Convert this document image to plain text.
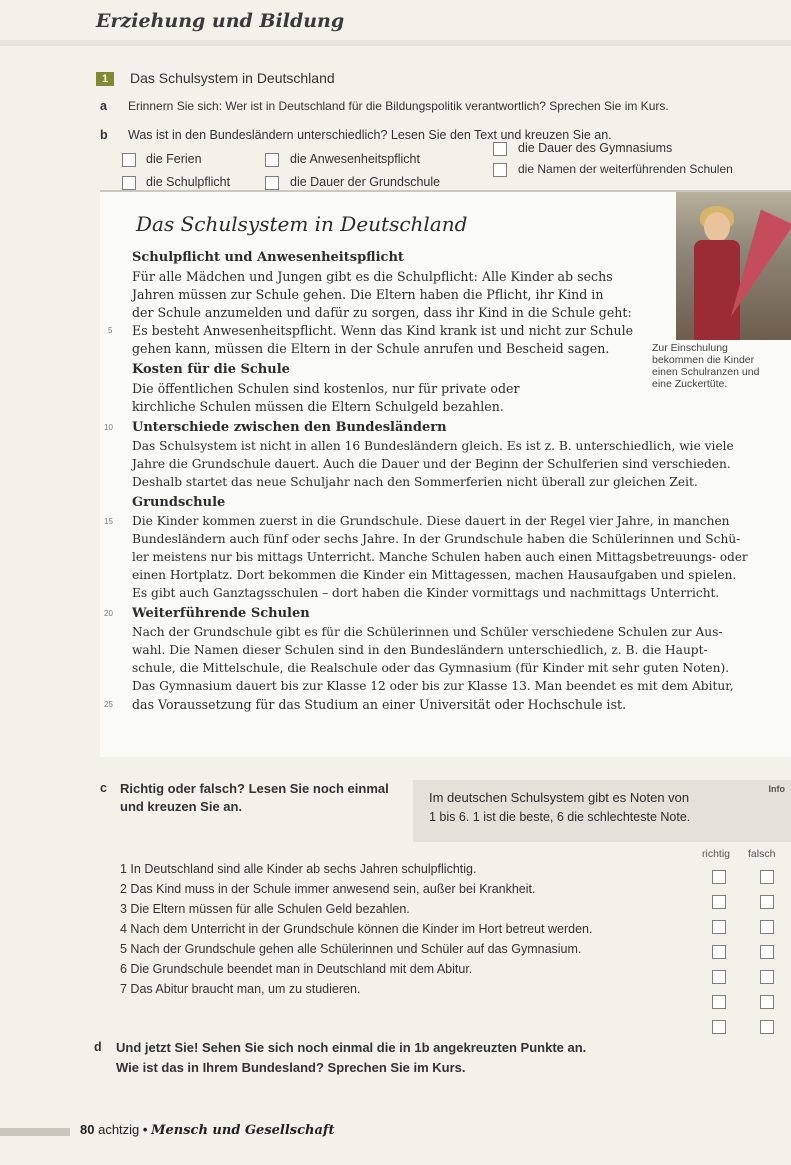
Erziehung und Bildung
1	Das Schulsystem in Deutschland
a Erinnern Sie sich: Wer ist in Deutschland für die Bildungspolitik verantwortlich? Sprechen Sie im Kurs.
b Was ist in den Bundesländern unterschiedlich? Lesen Sie den Text und kreuzen Sie an.
die Ferien	die Anwesenheitspflicht
die Dauer des Gymnasiums
die Schulpflicht	die Dauer der Grundschule
die Namen der weiterführenden Schulen
Das Schulsystem in Deutschland
Zur Einschulung
bekommen die Kinder
einen Schulranzen und
eine Zuckertüte.
Schulpflicht und Anwesenheitspflicht
Für alle Mädchen und Jungen gibt es die Schulpflicht: Alle Kinder ab sechs
Jahren müssen zur Schule gehen. Die Eltern haben die Pflicht, ihr Kind in
der Schule anzumelden und dafür zu sorgen, dass ihr Kind in die Schule geht:
5 Es besteht Anwesenheitspflicht. Wenn das Kind krank ist und nicht zur Schule
gehen kann, müssen die Eltern in der Schule anrufen und Bescheid sagen.
Kosten für die Schule
Die öffentlichen Schulen sind kostenlos, nur für private oder
kirchliche Schulen müssen die Eltern Schulgeld bezahlen.
10 Unterschiede zwischen den Bundesländern
Das Schulsystem ist nicht in allen 16 Bundesländern gleich. Es ist z. B. unterschiedlich, wie viele
Jahre die Grundschule dauert. Auch die Dauer und der Beginn der Schulferien sind verschieden.
Deshalb startet das neue Schuljahr nach den Sommerferien nicht überall zur gleichen Zeit.
Grundschule
15 Die Kinder kommen zuerst in die Grundschule. Diese dauert in der Regel vier Jahre, in manchen
Bundesländern auch fünf oder sechs Jahre. In der Grundschule haben die Schülerinnen und Schü-
ler meistens nur bis mittags Unterricht. Manche Schulen haben auch einen Mittagsbetreuungs- oder
einen Hortplatz. Dort bekommen die Kinder ein Mittagessen, machen Hausaufgaben und spielen.
Es gibt auch Ganztagsschulen – dort haben die Kinder vormittags und nachmittags Unterricht.
20 Weiterführende Schulen
Nach der Grundschule gibt es für die Schülerinnen und Schüler verschiedene Schulen zur Aus-
wahl. Die Namen dieser Schulen sind in den Bundesländern unterschiedlich, z. B. die Haupt-
schule, die Mittelschule, die Realschule oder das Gymnasium (für Kinder mit sehr guten Noten).
Das Gymnasium dauert bis zur Klasse 12 oder bis zur Klasse 13. Man beendet es mit dem Abitur,
25 das Voraussetzung für das Studium an einer Universität oder Hochschule ist.
c Richtig oder falsch? Lesen Sie noch einmal
und kreuzen Sie an.
Info
Im deutschen Schulsystem gibt es Noten von
1 bis 6. 1 ist die beste, 6 die schlechteste Note.
richtig falsch
1 In Deutschland sind alle Kinder ab sechs Jahren schulpflichtig.
2 Das Kind muss in der Schule immer anwesend sein, außer bei Krankheit.
3 Die Eltern müssen für alle Schulen Geld bezahlen.
4 Nach dem Unterricht in der Grundschule können die Kinder im Hort betreut werden.
5 Nach der Grundschule gehen alle Schülerinnen und Schüler auf das Gymnasium.
6 Die Grundschule beendet man in Deutschland mit dem Abitur.
7 Das Abitur braucht man, um zu studieren.
d Und jetzt Sie! Sehen Sie sich noch einmal die in 1b angekreuzten Punkte an.
Wie ist das in Ihrem Bundesland? Sprechen Sie im Kurs.
80 achtzig • Mensch und Gesellschaft
